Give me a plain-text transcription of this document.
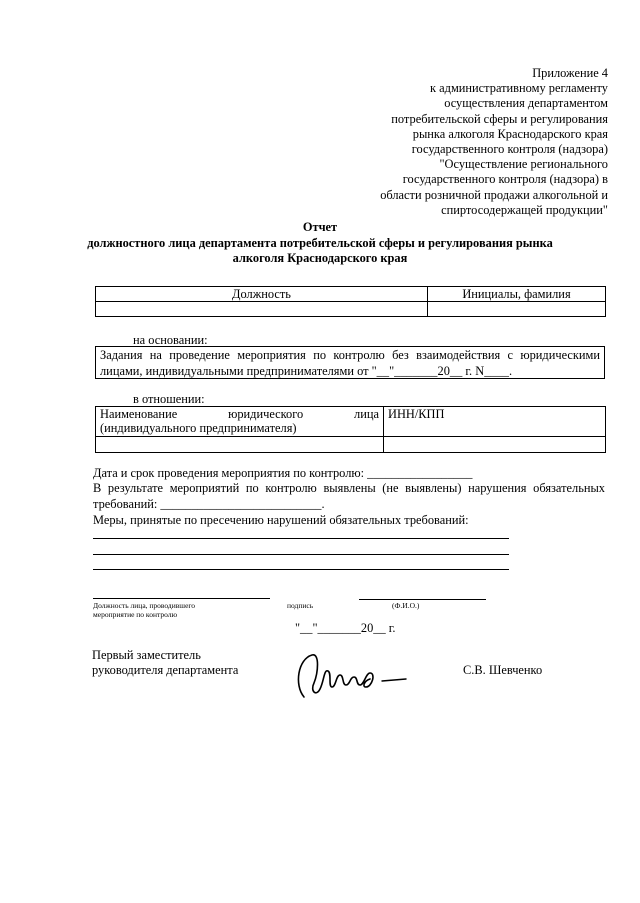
Приложение 4
к административному регламенту
осуществления департаментом
потребительской сферы и регулирования
рынка алкоголя Краснодарского края
государственного контроля (надзора)
"Осуществление регионального
государственного контроля (надзора) в
области розничной продажи алкогольной и
спиртосодержащей продукции"
Отчет
должностного лица департамента потребительской сферы и регулирования рынка
алкоголя Краснодарского края
Должность	Инициалы, фамилия

на основании:
Задания на проведение мероприятия по контролю без взаимодействия с юридическими
лицами, индивидуальными предпринимателями от "__"_______20__ г. N____.
в отношении:
Наименование юридического лица
(индивидуального предпринимателя)	ИНН/КПП

Дата и срок проведения мероприятия по контролю: _________________
В результате мероприятий по контролю выявлены (не выявлены) нарушения обязательных
требований: __________________________.
Меры, принятые по пресечению нарушений обязательных требований:
Должность лица, проводившего
мероприятие по контролю
подпись	(Ф.И.О.)
"__"_______20__ г.
Первый заместитель
руководителя департамента	С.В. Шевченко
